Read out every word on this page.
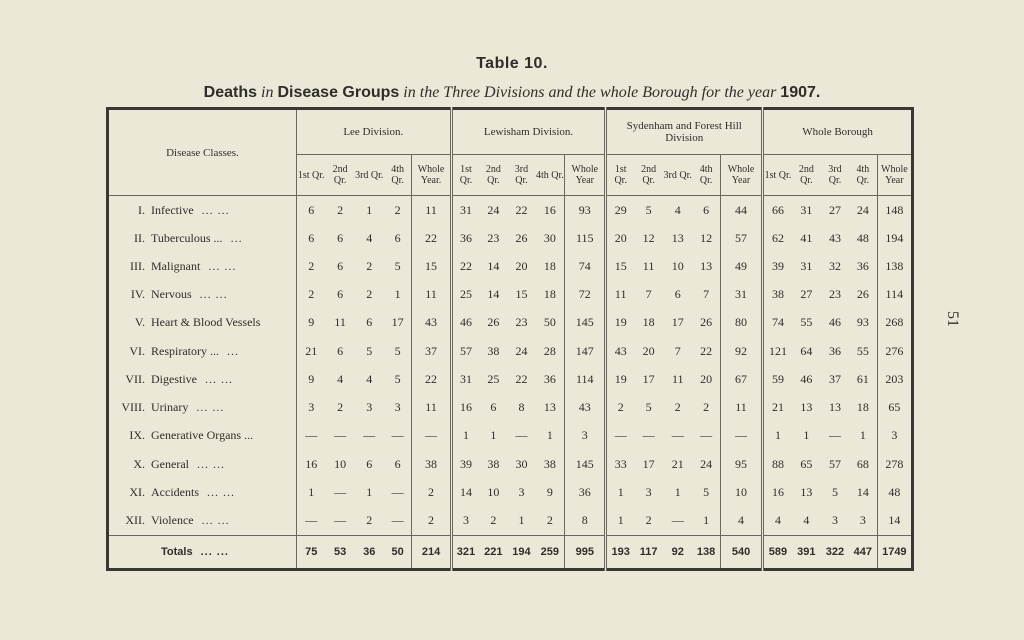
Table 10.
Deaths in Disease Groups in the Three Divisions and the whole Borough for the year 1907.
51
Disease Classes.	Lee Division.					Lewisham Division.					Sydenham and Forest Hill Division					Whole Borough				
	1st Qr.	2nd Qr.	3rd Qr.	4th Qr.	Whole Year.	1st Qr.	2nd Qr.	3rd Qr.	4th Qr.	Whole Year	1st Qr.	2nd Qr.	3rd Qr.	4th Qr.	Whole Year	1st Qr.	2nd Qr.	3rd Qr.	4th Qr.	Whole Year
I. Infective ... ...	6	2	1	2	11	31	24	22	16	93	29	5	4	6	44	66	31	27	24	148
II. Tuberculous ... ...	6	6	4	6	22	36	23	26	30	115	20	12	13	12	57	62	41	43	48	194
III. Malignant ... ...	2	6	2	5	15	22	14	20	18	74	15	11	10	13	49	39	31	32	36	138
IV. Nervous ... ...	2	6	2	1	11	25	14	15	18	72	11	7	6	7	31	38	27	23	26	114
V. Heart & Blood Vessels	9	11	6	17	43	46	26	23	50	145	19	18	17	26	80	74	55	46	93	268
VI. Respiratory ... ...	21	6	5	5	37	57	38	24	28	147	43	20	7	22	92	121	64	36	55	276
VII. Digestive ... ...	9	4	4	5	22	31	25	22	36	114	19	17	11	20	67	59	46	37	61	203
VIII. Urinary ... ...	3	2	3	3	11	16	6	8	13	43	2	5	2	2	11	21	13	13	18	65
IX. Generative Organs ...	—	—	—	—	—	1	1	—	1	3	—	—	—	—	—	1	1	—	1	3
X. General ... ...	16	10	6	6	38	39	38	30	38	145	33	17	21	24	95	88	65	57	68	278
XI. Accidents ... ...	1	—	1	—	2	14	10	3	9	36	1	3	1	5	10	16	13	5	14	48
XII. Violence ... ...	—	—	2	—	2	3	2	1	2	8	1	2	—	1	4	4	4	3	3	14
Totals ... ...	75	53	36	50	214	321	221	194	259	995	193	117	92	138	540	589	391	322	447	1749
